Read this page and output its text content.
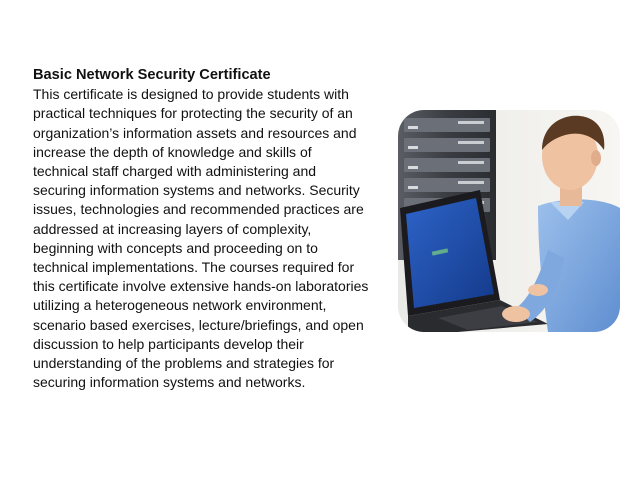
Basic Network Security Certificate

This certificate is designed to provide students with

practical techniques for protecting the security of an

organization’s information assets and resources and

increase the depth of knowledge and skills of

technical staff charged with administering and

securing information systems and networks. Security

issues, technologies and recommended practices are

addressed at increasing layers of complexity,

beginning with concepts and proceeding on to

technical implementations. The courses required for

this certificate involve extensive hands-on laboratories

utilizing a heterogeneous network environment,

scenario based exercises, lecture/briefings, and open

discussion to help participants develop their

understanding of the problems and strategies for

securing information systems and networks.
